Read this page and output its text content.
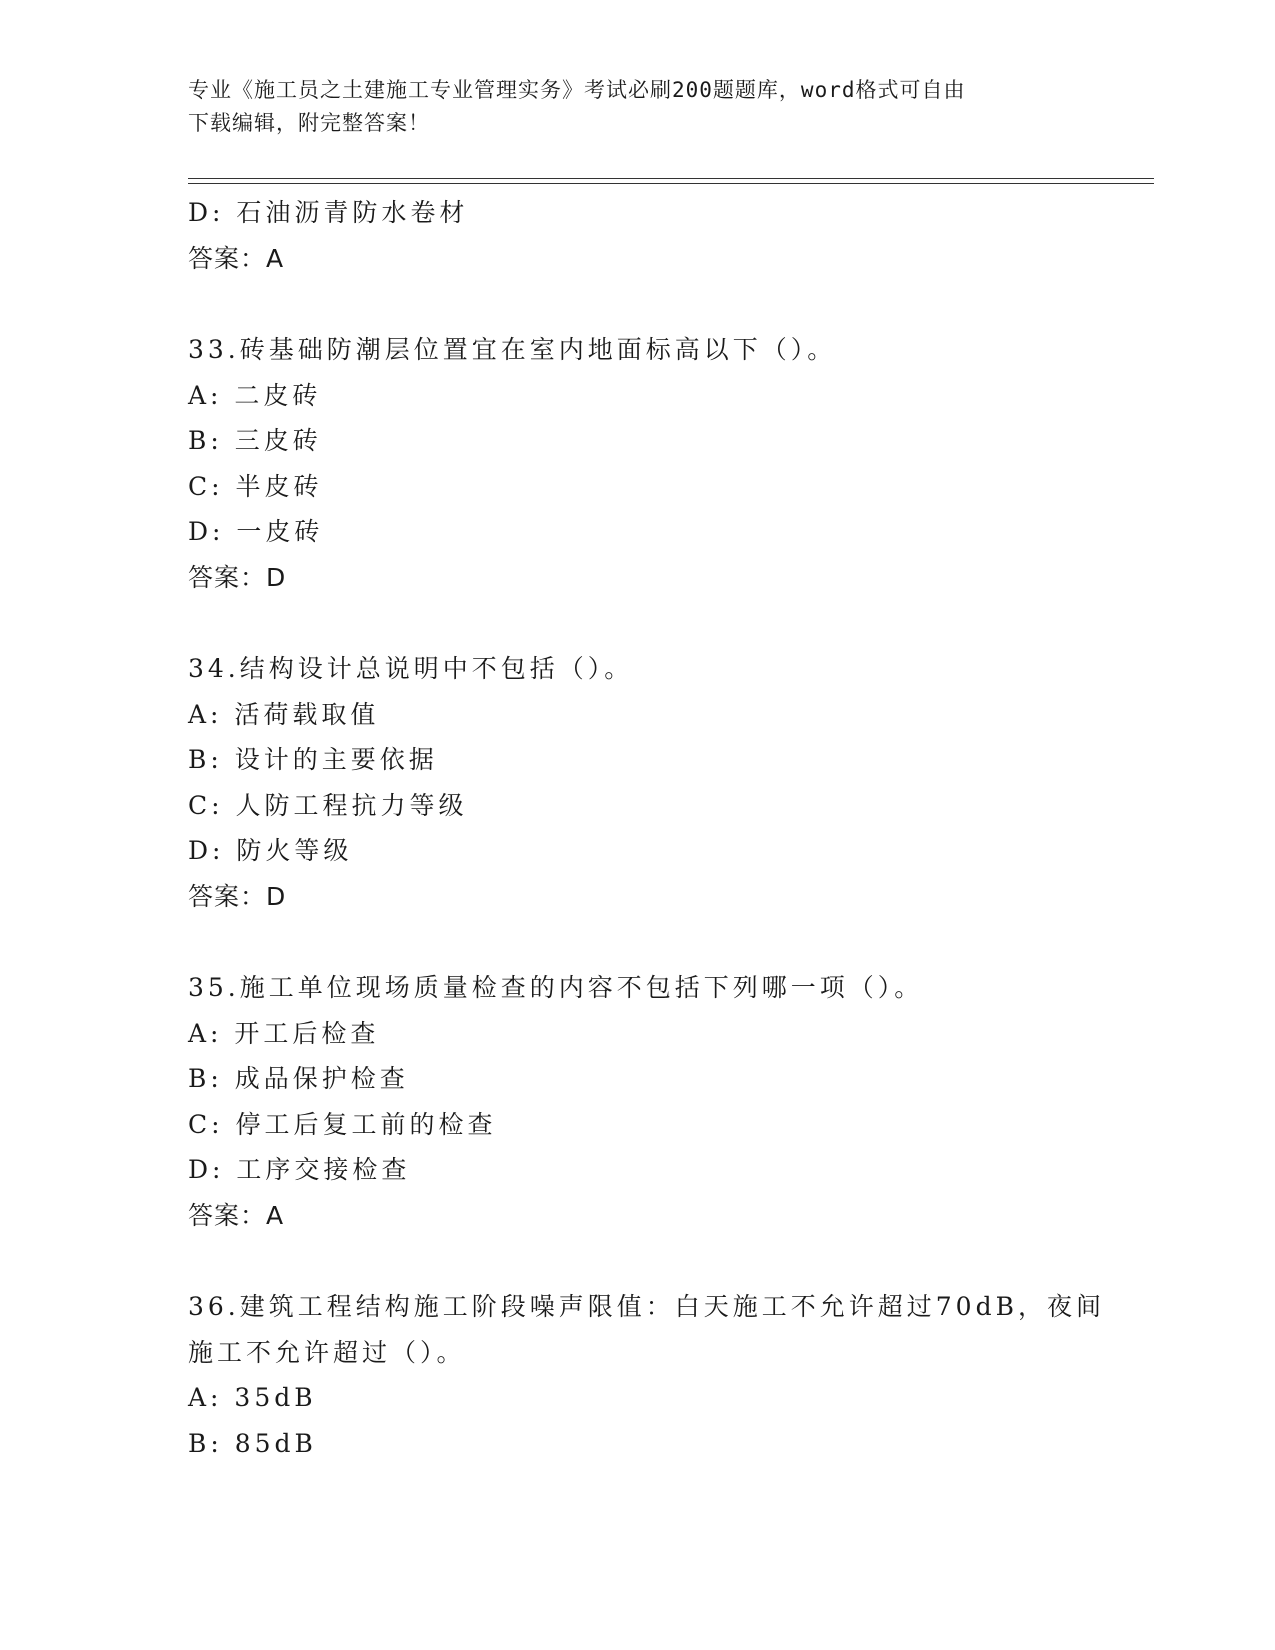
专业《施工员之土建施工专业管理实务》考试必刷200题题库，word格式可自由
下载编辑，附完整答案！
D: 石油沥青防水卷材
答案：A
33.砖基础防潮层位置宜在室内地面标高以下（）。
A: 二皮砖
B: 三皮砖
C: 半皮砖
D: 一皮砖
答案：D
34.结构设计总说明中不包括（）。
A: 活荷载取值
B: 设计的主要依据
C: 人防工程抗力等级
D: 防火等级
答案：D
35.施工单位现场质量检查的内容不包括下列哪一项（）。
A: 开工后检查
B: 成品保护检查
C: 停工后复工前的检查
D: 工序交接检查
答案：A
36.建筑工程结构施工阶段噪声限值：白天施工不允许超过70dB，夜间
施工不允许超过（）。
A: 35dB
B: 85dB
